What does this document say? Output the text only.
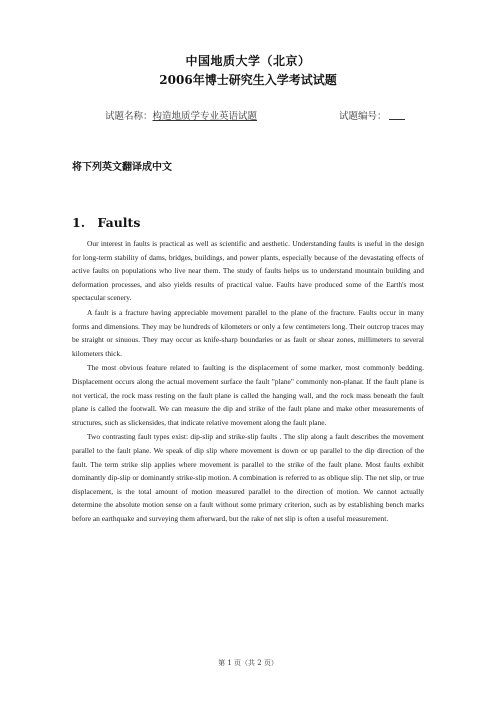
中国地质大学（北京）
2006年博士研究生入学考试试题
试题名称：构造地质学专业英语试题	试题编号：
将下列英文翻译成中文
1. Faults

Our interest in faults is practical as well as scientific and aesthetic. Understanding faults is useful in the design for long-term stability of dams, bridges, buildings, and power plants, especially because of the devastating effects of active faults on populations who live near them. The study of faults helps us to understand mountain building and deformation processes, and also yields results of practical value. Faults have produced some of the Earth's most spectacular scenery.

A fault is a fracture having appreciable movement parallel to the plane of the fracture. Faults occur in many forms and dimensions. They may be hundreds of kilometers or only a few centimeters long. Their outcrop traces may be straight or sinuous. They may occur as knife-sharp boundaries or as fault or shear zones, millimeters to several kilometers thick.

The most obvious feature related to faulting is the displacement of some marker, most commonly bedding. Displacement occurs along the actual movement surface the fault "plane" commonly non-planar. If the fault plane is not vertical, the rock mass resting on the fault plane is called the hanging wall, and the rock mass beneath the fault plane is called the footwall. We can measure the dip and strike of the fault plane and make other measurements of structures, such as slickensides, that indicate relative movement along the fault plane.

Two contrasting fault types exist: dip-slip and strike-slip faults . The slip along a fault describes the movement parallel to the fault plane. We speak of dip slip where movement is down or up parallel to the dip direction of the fault. The term strike slip applies where movement is parallel to the strike of the fault plane. Most faults exhibit dominantly dip-slip or dominantly strike-slip motion. A combination is referred to as oblique slip. The net slip, or true displacement, is the total amount of motion measured parallel to the direction of motion. We cannot actually determine the absolute motion sense on a fault without some primary criterion, such as by establishing bench marks before an earthquake and surveying them afterward, but the rake of net slip is often a useful measurement.

第 1 页（共 2 页）
